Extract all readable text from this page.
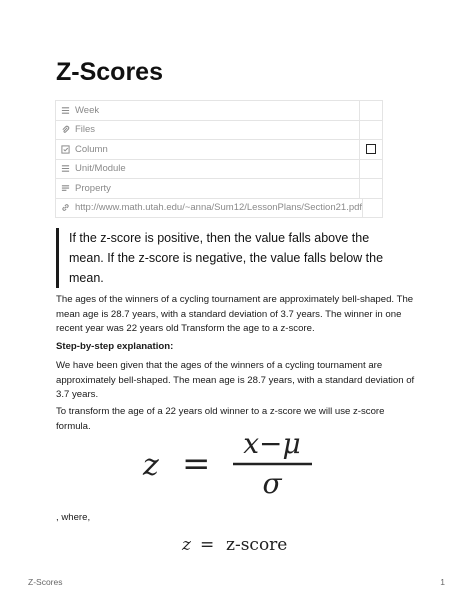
Z-Scores
Week
Files
Column
Unit/Module
Property
http://www.math.utah.edu/~anna/Sum12/LessonPlans/Section21.pdf
If the z-score is positive, then the value falls above the mean. If the z-score is negative, the value falls below the mean.
The ages of the winners of a cycling tournament are approximately bell-shaped. The mean age is 28.7 years, with a standard deviation of 3.7 years. The winner in one recent year was 22 years old Transform the age to a z-score.
Step-by-step explanation:
We have been given that the ages of the winners of a cycling tournament are approximately bell-shaped. The mean age is 28.7 years, with a standard deviation of 3.7 years.
To transform the age of a 22 years old winner to a z-score we will use z-score formula.
z =
x−μ
σ
, where,
z = z-score
Z-Scores	1
